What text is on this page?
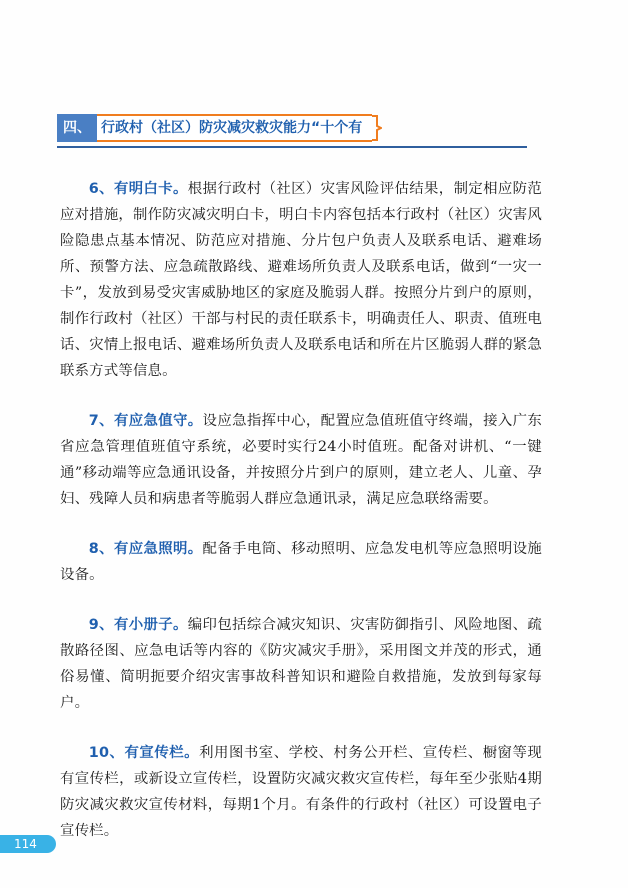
四、 行政村（社区）防灾减灾救灾能力“十个有

6、有明白卡。根据行政村（社区）灾害风险评估结果，制定相应防范应对措施，制作防灾减灾明白卡，明白卡内容包括本行政村（社区）灾害风险隐患点基本情况、防范应对措施、分片包户负责人及联系电话、避难场所、预警方法、应急疏散路线、避难场所负责人及联系电话，做到“一灾一卡”，发放到易受灾害威胁地区的家庭及脆弱人群。按照分片到户的原则，制作行政村（社区）干部与村民的责任联系卡，明确责任人、职责、值班电话、灾情上报电话、避难场所负责人及联系电话和所在片区脆弱人群的紧急联系方式等信息。

7、有应急值守。设应急指挥中心，配置应急值班值守终端，接入广东省应急管理值班值守系统，必要时实行24小时值班。配备对讲机、“一键通”移动端等应急通讯设备，并按照分片到户的原则，建立老人、儿童、孕妇、残障人员和病患者等脆弱人群应急通讯录，满足应急联络需要。

8、有应急照明。配备手电筒、移动照明、应急发电机等应急照明设施设备。

9、有小册子。编印包括综合减灾知识、灾害防御指引、风险地图、疏散路径图、应急电话等内容的《防灾减灾手册》，采用图文并茂的形式，通俗易懂、简明扼要介绍灾害事故科普知识和避险自救措施，发放到每家每户。

10、有宣传栏。利用图书室、学校、村务公开栏、宣传栏、橱窗等现有宣传栏，或新设立宣传栏，设置防灾减灾救灾宣传栏，每年至少张贴4期防灾减灾救灾宣传材料，每期1个月。有条件的行政村（社区）可设置电子宣传栏。

114
